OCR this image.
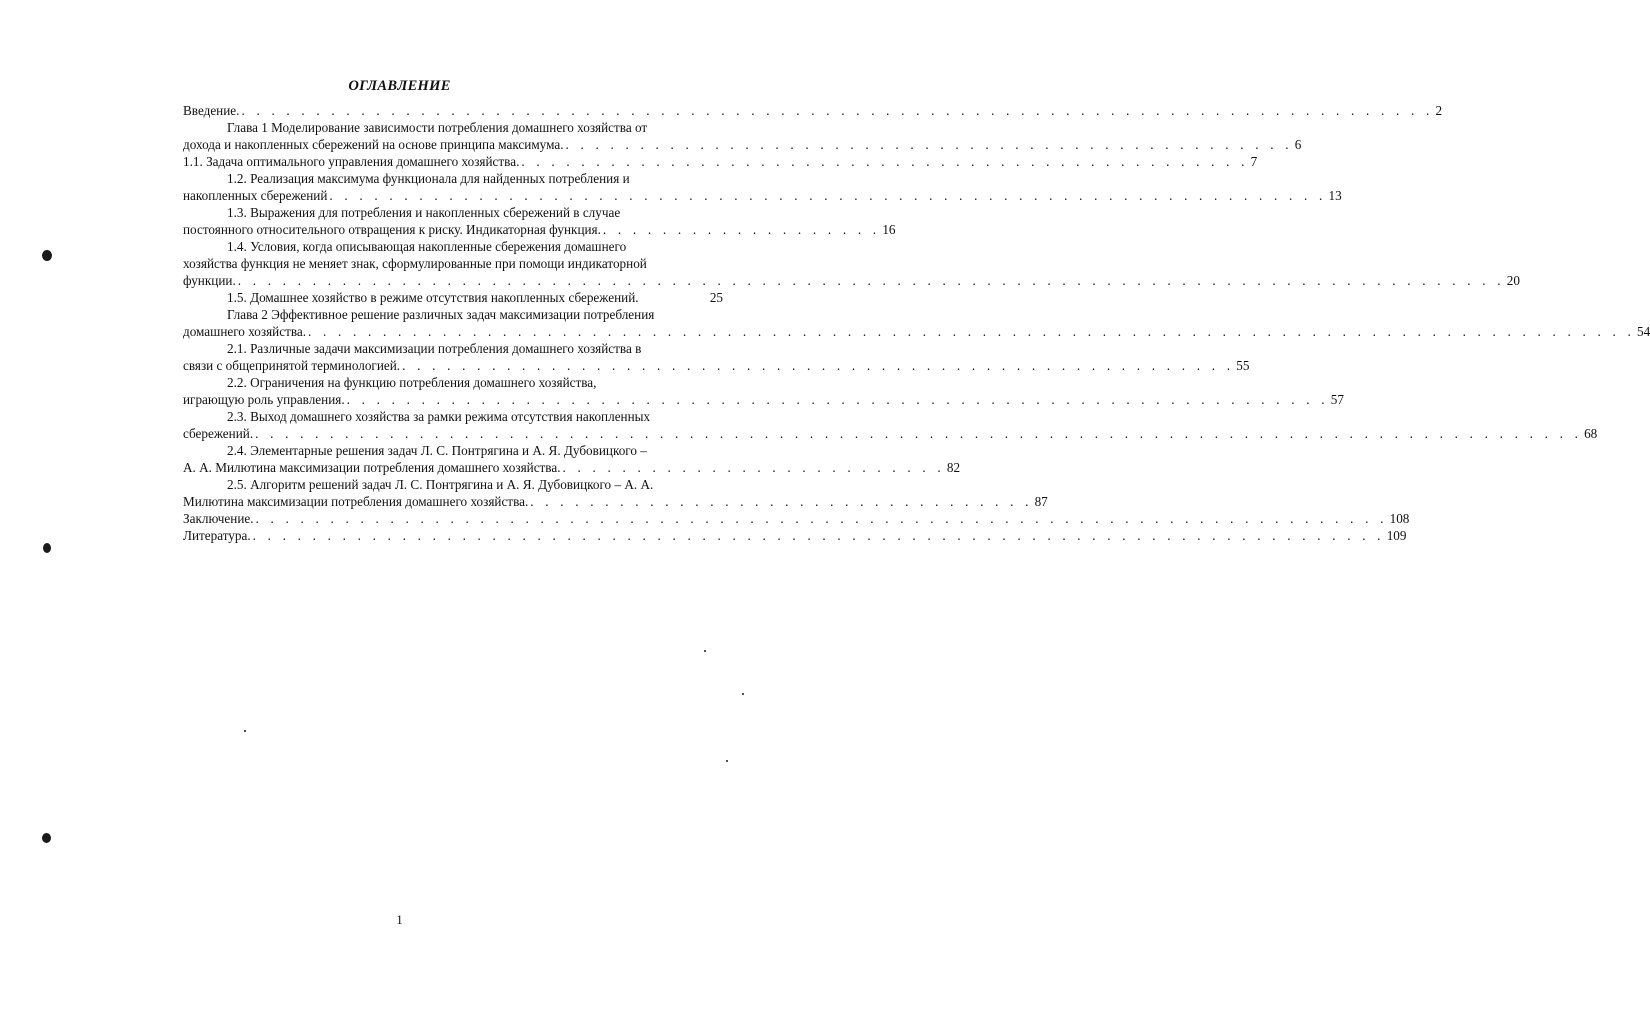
ОГЛАВЛЕНИЕ
Введение. . . . . . . . . . . . . . . . . . . . . . . . . . . . . . . . . . . . . . . . . . . . . . . . . . . . . . . . . . . . . . . . . . . . . . . . . . . . . . . . . 2
Глава 1 Моделирование зависимости потребления домашнего хозяйства от
дохода и накопленных сбережений на основе принципа максимума. . . . . . . . . . . . . . . . . . . . . . . . . . . . . . . . . . . . . . . . . . . . . . . . . . 6
1.1. Задача оптимального управления домашнего хозяйства. . . . . . . . . . . . . . . . . . . . . . . . . . . . . . . . . . . . . . . . . . . . . . . . . . 7
1.2. Реализация максимума функционала для найденных потребления и
накопленных сбережений . . . . . . . . . . . . . . . . . . . . . . . . . . . . . . . . . . . . . . . . . . . . . . . . . . . . . . . . . . . . . . . . . . . 13
1.3. Выражения для потребления и накопленных сбережений в случае
постоянного относительного отвращения к риску. Индикаторная функция. . . . . . . . . . . . . . . . . . . . 16
1.4. Условия, когда описывающая накопленные сбережения домашнего
хозяйства функция не меняет знак, сформулированные при помощи индикаторной
функции. . . . . . . . . . . . . . . . . . . . . . . . . . . . . . . . . . . . . . . . . . . . . . . . . . . . . . . . . . . . . . . . . . . . . . . . . . . . . . . . . . . . . . 20
1.5. Домашнее хозяйство в режиме отсутствия накопленных сбережений.	25
Глава 2 Эффективное решение различных задач максимизации потребления
домашнего хозяйства. . . . . . . . . . . . . . . . . . . . . . . . . . . . . . . . . . . . . . . . . . . . . . . . . . . . . . . . . . . . . . . . . . . . . . . . . . . . . . . . . . . . . . . . . . 54
2.1. Различные задачи максимизации потребления домашнего хозяйства в
связи с общепринятой терминологией. . . . . . . . . . . . . . . . . . . . . . . . . . . . . . . . . . . . . . . . . . . . . . . . . . . . . . . . . 55
2.2. Ограничения на функцию потребления домашнего хозяйства,
играющую роль управления. . . . . . . . . . . . . . . . . . . . . . . . . . . . . . . . . . . . . . . . . . . . . . . . . . . . . . . . . . . . . . . . . . . 57
2.3. Выход домашнего хозяйства за рамки режима отсутствия накопленных
сбережений. . . . . . . . . . . . . . . . . . . . . . . . . . . . . . . . . . . . . . . . . . . . . . . . . . . . . . . . . . . . . . . . . . . . . . . . . . . . . . . . . . . . . . . . . . 68
2.4. Элементарные решения задач Л. С. Понтрягина и А. Я. Дубовицкого –
А. А. Милютина максимизации потребления домашнего хозяйства. . . . . . . . . . . . . . . . . . . . . . . . . . . 82
2.5. Алгоритм решений задач Л. С. Понтрягина и А. Я. Дубовицкого – А. А.
Милютина максимизации потребления домашнего хозяйства. . . . . . . . . . . . . . . . . . . . . . . . . . . . . . . . . . . 87
Заключение. . . . . . . . . . . . . . . . . . . . . . . . . . . . . . . . . . . . . . . . . . . . . . . . . . . . . . . . . . . . . . . . . . . . . . . . . . . . . 108
Литература. . . . . . . . . . . . . . . . . . . . . . . . . . . . . . . . . . . . . . . . . . . . . . . . . . . . . . . . . . . . . . . . . . . . . . . . . . . . . 109
1
